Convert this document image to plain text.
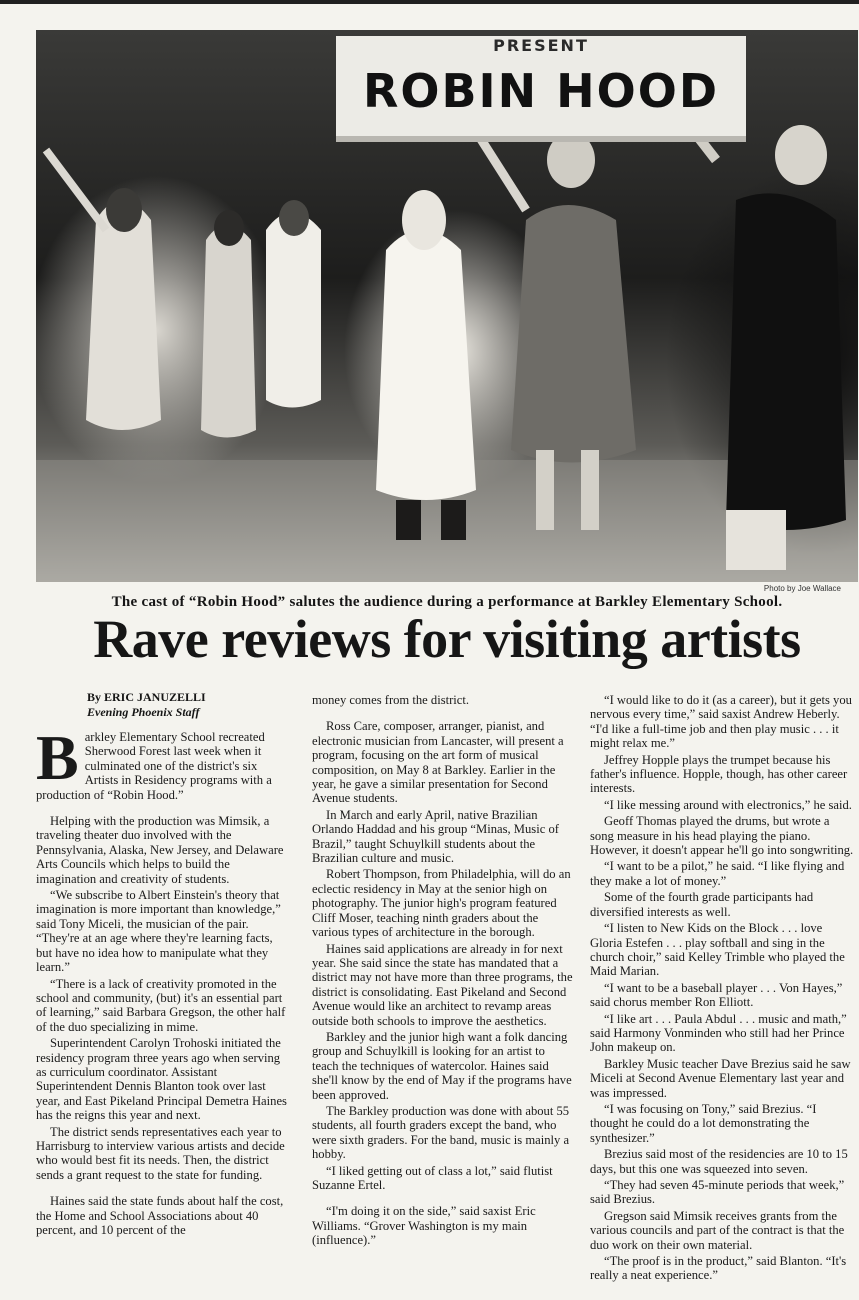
PRESENT
ROBIN HOOD
Photo by Joe Wallace
The cast of “Robin Hood” salutes the audience during a performance at Barkley Elementary School.
Rave reviews for visiting artists
By ERIC JANUZELLI
Evening Phoenix Staff

Barkley Elementary School recreated Sherwood Forest last week when it culminated one of the district's six Artists in Residency programs with a production of “Robin Hood.”

Helping with the production was Mimsik, a traveling theater duo involved with the Pennsylvania, Alaska, New Jersey, and Delaware Arts Councils which helps to build the imagination and creativity of students.

“We subscribe to Albert Einstein's theory that imagination is more important than knowledge,” said Tony Miceli, the musician of the pair. “They're at an age where they're learning facts, but have no idea how to manipulate what they learn.”

“There is a lack of creativity promoted in the school and community, (but) it's an essential part of learning,” said Barbara Gregson, the other half of the duo specializing in mime.

Superintendent Carolyn Trohoski initiated the residency program three years ago when serving as curriculum coordinator. Assistant Superintendent Dennis Blanton took over last year, and East Pikeland Principal Demetra Haines has the reigns this year and next.

The district sends representatives each year to Harrisburg to interview various artists and decide who would best fit its needs. Then, the district sends a grant request to the state for funding.

Haines said the state funds about half the cost, the Home and School Associations about 40 percent, and 10 percent of the

money comes from the district.

Ross Care, composer, arranger, pianist, and electronic musician from Lancaster, will present a program, focusing on the art form of musical composition, on May 8 at Barkley. Earlier in the year, he gave a similar presentation for Second Avenue students.

In March and early April, native Brazilian Orlando Haddad and his group “Minas, Music of Brazil,” taught Schuylkill students about the Brazilian culture and music.

Robert Thompson, from Philadelphia, will do an eclectic residency in May at the senior high on photography. The junior high's program featured Cliff Moser, teaching ninth graders about the various types of architecture in the borough.

Haines said applications are already in for next year. She said since the state has mandated that a district may not have more than three programs, the district is consolidating. East Pikeland and Second Avenue would like an architect to revamp areas outside both schools to improve the aesthetics.

Barkley and the junior high want a folk dancing group and Schuylkill is looking for an artist to teach the techniques of watercolor. Haines said she'll know by the end of May if the programs have been approved.

The Barkley production was done with about 55 students, all fourth graders except the band, who were sixth graders. For the band, music is mainly a hobby.

“I liked getting out of class a lot,” said flutist Suzanne Ertel.

“I'm doing it on the side,” said saxist Eric Williams. “Grover Washington is my main (influence).”

“I would like to do it (as a career), but it gets you nervous every time,” said saxist Andrew Heberly. “I'd like a full-time job and then play music . . . it might relax me.”

Jeffrey Hopple plays the trumpet because his father's influence. Hopple, though, has other career interests.

“I like messing around with electronics,” he said.

Geoff Thomas played the drums, but wrote a song measure in his head playing the piano. However, it doesn't appear he'll go into songwriting.

“I want to be a pilot,” he said. “I like flying and they make a lot of money.”

Some of the fourth grade participants had diversified interests as well.

“I listen to New Kids on the Block . . . love Gloria Estefen . . . play softball and sing in the church choir,” said Kelley Trimble who played the Maid Marian.

“I want to be a baseball player . . . Von Hayes,” said chorus member Ron Elliott.

“I like art . . . Paula Abdul . . . music and math,” said Harmony Vonminden who still had her Prince John makeup on.

Barkley Music teacher Dave Brezius said he saw Miceli at Second Avenue Elementary last year and was impressed.

“I was focusing on Tony,” said Brezius. “I thought he could do a lot demonstrating the synthesizer.”

Brezius said most of the residencies are 10 to 15 days, but this one was squeezed into seven.

“They had seven 45-minute periods that week,” said Brezius.

Gregson said Mimsik receives grants from the various councils and part of the contract is that the duo work on their own material.

“The proof is in the product,” said Blanton. “It's really a neat experience.”
